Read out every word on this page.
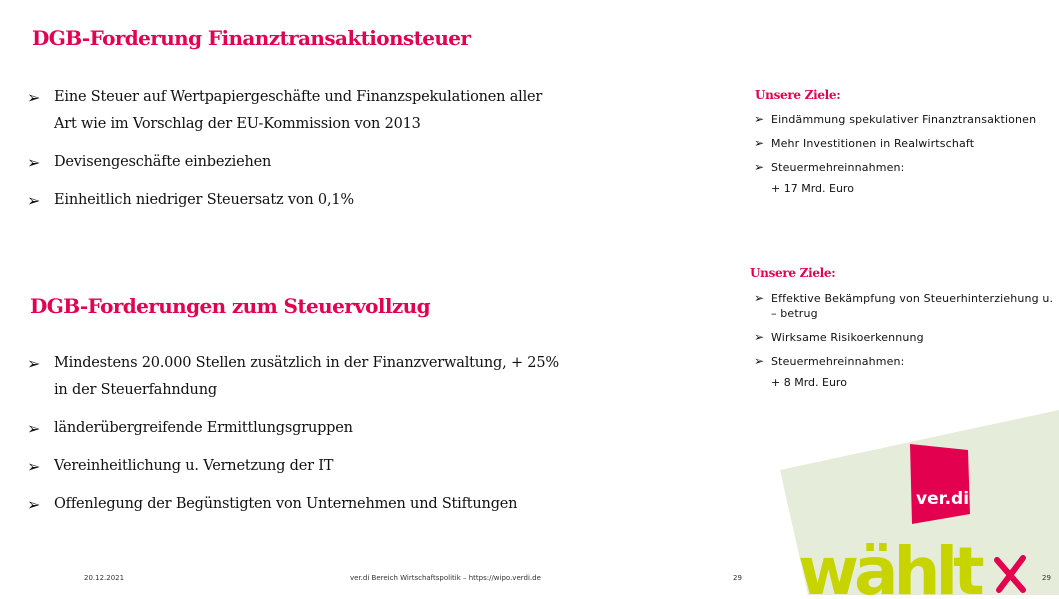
DGB-Forderung Finanztransaktionsteuer
➢ Eine Steuer auf Wertpapiergeschäfte und Finanzspekulationen aller Art wie im Vorschlag der EU-Kommission von 2013
➢ Devisengeschäfte einbeziehen
➢ Einheitlich niedriger Steuersatz von 0,1%
Unsere Ziele:
➢ Eindämmung spekulativer Finanztransaktionen
➢ Mehr Investitionen in Realwirtschaft
➢ Steuermehreinnahmen:
+ 17 Mrd. Euro
DGB-Forderungen zum Steuervollzug
➢ Mindestens 20.000 Stellen zusätzlich in der Finanzverwaltung, + 25% in der Steuerfahndung
➢ länderübergreifende Ermittlungsgruppen
➢ Vereinheitlichung u. Vernetzung der IT
➢ Offenlegung der Begünstigten von Unternehmen und Stiftungen
Unsere Ziele:
➢ Effektive Bekämpfung von Steuerhinterziehung u. – betrug
➢ Wirksame Risikoerkennung
➢ Steuermehreinnahmen:
+ 8 Mrd. Euro
ver.di
wählt
20.12.2021	ver.di Bereich Wirtschaftspolitik – https://wipo.verdi.de	29	29
